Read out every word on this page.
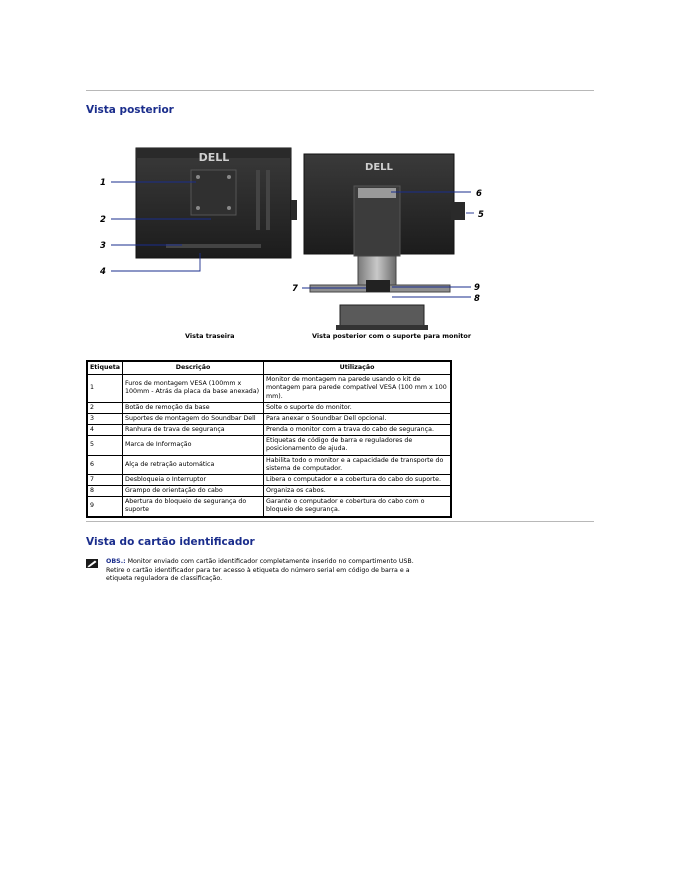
Vista posterior
DELL
DELL
1
2
3
4
5
6
7
8
9
Vista traseira	Vista posterior com o suporte para monitor
Etiqueta	Descrição	Utilização
1	Furos de montagem VESA (100mm x 100mm - Atrás da placa da base anexada)	Monitor de montagem na parede usando o kit de montagem para parede compatível VESA (100 mm x 100 mm).
2	Botão de remoção da base	Solte o suporte do monitor.
3	Suportes de montagem do Soundbar Dell	Para anexar o Soundbar Dell opcional.
4	Ranhura de trava de segurança	Prenda o monitor com a trava do cabo de segurança.
5	Marca de Informação	Etiquetas de código de barra e reguladores de posicionamento de ajuda.
6	Alça de retração automática	Habilita todo o monitor e a capacidade de transporte do sistema de computador.
7	Desbloqueia o Interruptor	Libera o computador e a cobertura do cabo do suporte.
8	Grampo de orientação do cabo	Organiza os cabos.
9	Abertura do bloqueio de segurança do suporte	Garante o computador e cobertura do cabo com o bloqueio de segurança.
Vista do cartão identificador
OBS.: Monitor enviado com cartão identificador completamente inserido no compartimento USB. Retire o cartão identificador para ter acesso à etiqueta do número serial em código de barra e a etiqueta reguladora de classificação.
